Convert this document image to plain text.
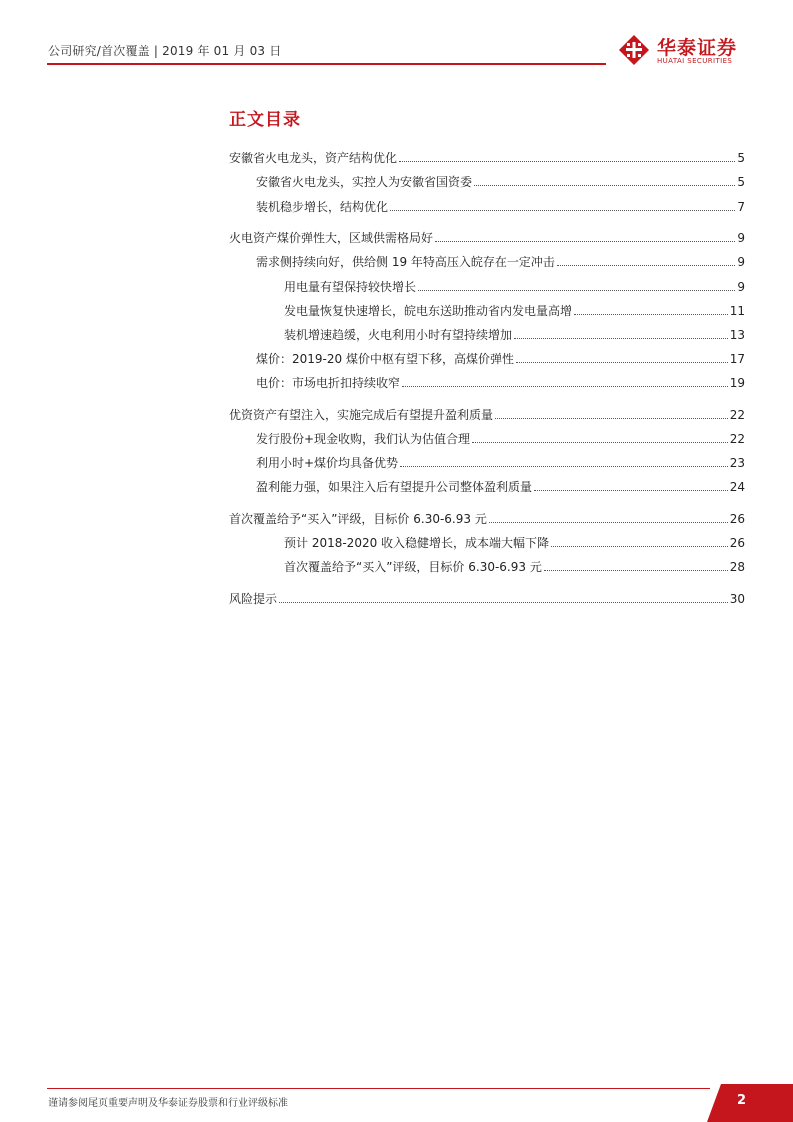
公司研究/首次覆盖 | 2019 年 01 月 03 日	华泰证券
HUATAI SECURITIES
正文目录
安徽省火电龙头，资产结构优化	5
安徽省火电龙头，实控人为安徽省国资委	5
装机稳步增长，结构优化	7
火电资产煤价弹性大，区域供需格局好	9
需求侧持续向好，供给侧 19 年特高压入皖存在一定冲击	9
用电量有望保持较快增长	9
发电量恢复快速增长，皖电东送助推动省内发电量高增	11
装机增速趋缓，火电利用小时有望持续增加	13
煤价：2019-20 煤价中枢有望下移，高煤价弹性	17
电价：市场电折扣持续收窄	19
优资资产有望注入，实施完成后有望提升盈利质量	22
发行股份+现金收购，我们认为估值合理	22
利用小时+煤价均具备优势	23
盈利能力强，如果注入后有望提升公司整体盈利质量	24
首次覆盖给予“买入”评级，目标价 6.30-6.93 元	26
预计 2018-2020 收入稳健增长，成本端大幅下降	26
首次覆盖给予“买入”评级，目标价 6.30-6.93 元	28
风险提示	30
谨请参阅尾页重要声明及华泰证券股票和行业评级标准	2
